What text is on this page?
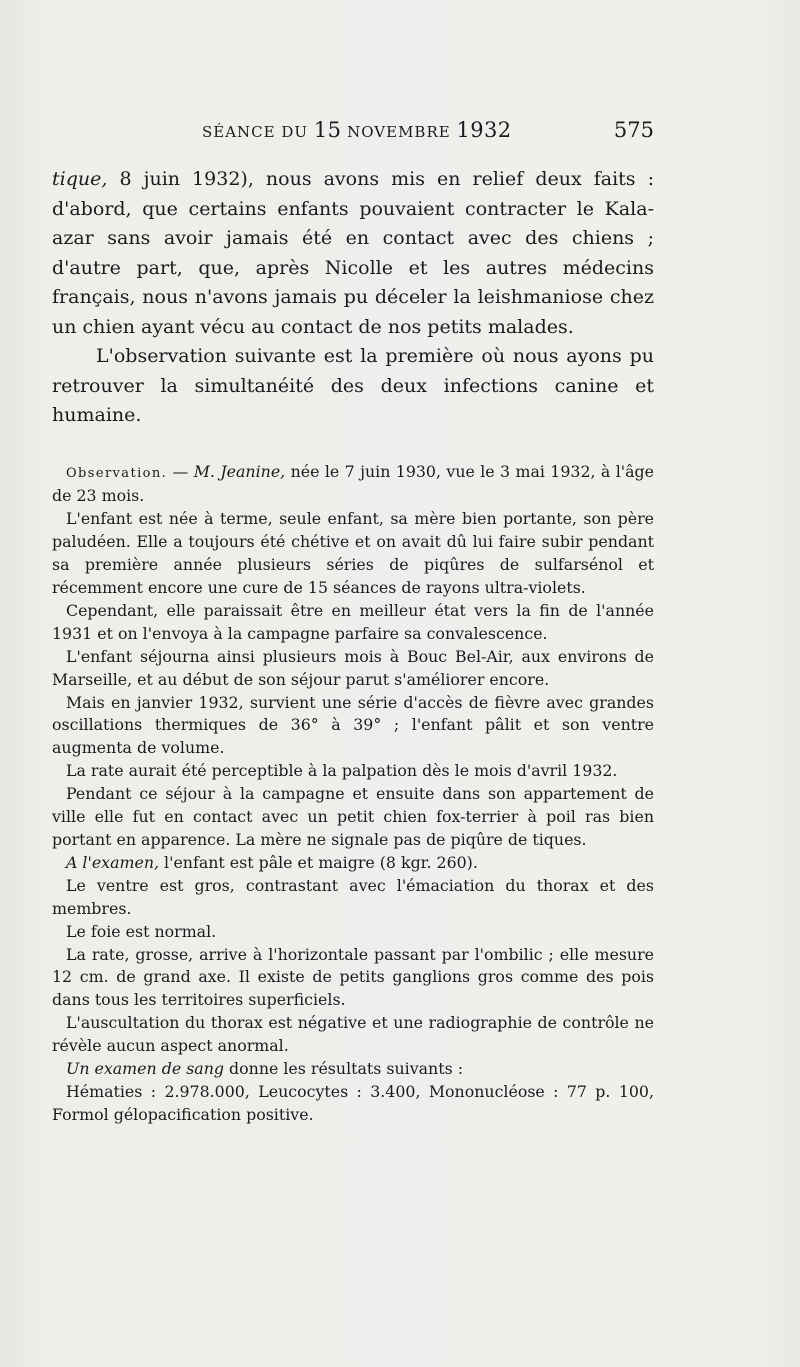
SÉANCE DU 15 NOVEMBRE 1932	575

tique, 8 juin 1932), nous avons mis en relief deux faits : d'abord, que certains enfants pouvaient contracter le Kala-azar sans avoir jamais été en contact avec des chiens ; d'autre part, que, après Nicolle et les autres médecins français, nous n'avons jamais pu déceler la leishmaniose chez un chien ayant vécu au contact de nos petits malades.

L'observation suivante est la première où nous ayons pu retrouver la simultanéité des deux infections canine et humaine.

Observation. — M. Jeanine, née le 7 juin 1930, vue le 3 mai 1932, à l'âge de 23 mois.

L'enfant est née à terme, seule enfant, sa mère bien portante, son père paludéen. Elle a toujours été chétive et on avait dû lui faire subir pendant sa première année plusieurs séries de piqûres de sulfarsénol et récemment encore une cure de 15 séances de rayons ultra-violets.

Cependant, elle paraissait être en meilleur état vers la fin de l'année 1931 et on l'envoya à la campagne parfaire sa convalescence.

L'enfant séjourna ainsi plusieurs mois à Bouc Bel-Air, aux environs de Marseille, et au début de son séjour parut s'améliorer encore.

Mais en janvier 1932, survient une série d'accès de fièvre avec grandes oscillations thermiques de 36° à 39° ; l'enfant pâlit et son ventre augmenta de volume.

La rate aurait été perceptible à la palpation dès le mois d'avril 1932.

Pendant ce séjour à la campagne et ensuite dans son appartement de ville elle fut en contact avec un petit chien fox-terrier à poil ras bien portant en apparence. La mère ne signale pas de piqûre de tiques.

A l'examen, l'enfant est pâle et maigre (8 kgr. 260).

Le ventre est gros, contrastant avec l'émaciation du thorax et des membres.

Le foie est normal.

La rate, grosse, arrive à l'horizontale passant par l'ombilic ; elle mesure 12 cm. de grand axe. Il existe de petits ganglions gros comme des pois dans tous les territoires superficiels.

L'auscultation du thorax est négative et une radiographie de contrôle ne révèle aucun aspect anormal.

Un examen de sang donne les résultats suivants :

Hématies : 2.978.000, Leucocytes : 3.400, Mononucléose : 77 p. 100, Formol gélopacification positive.
